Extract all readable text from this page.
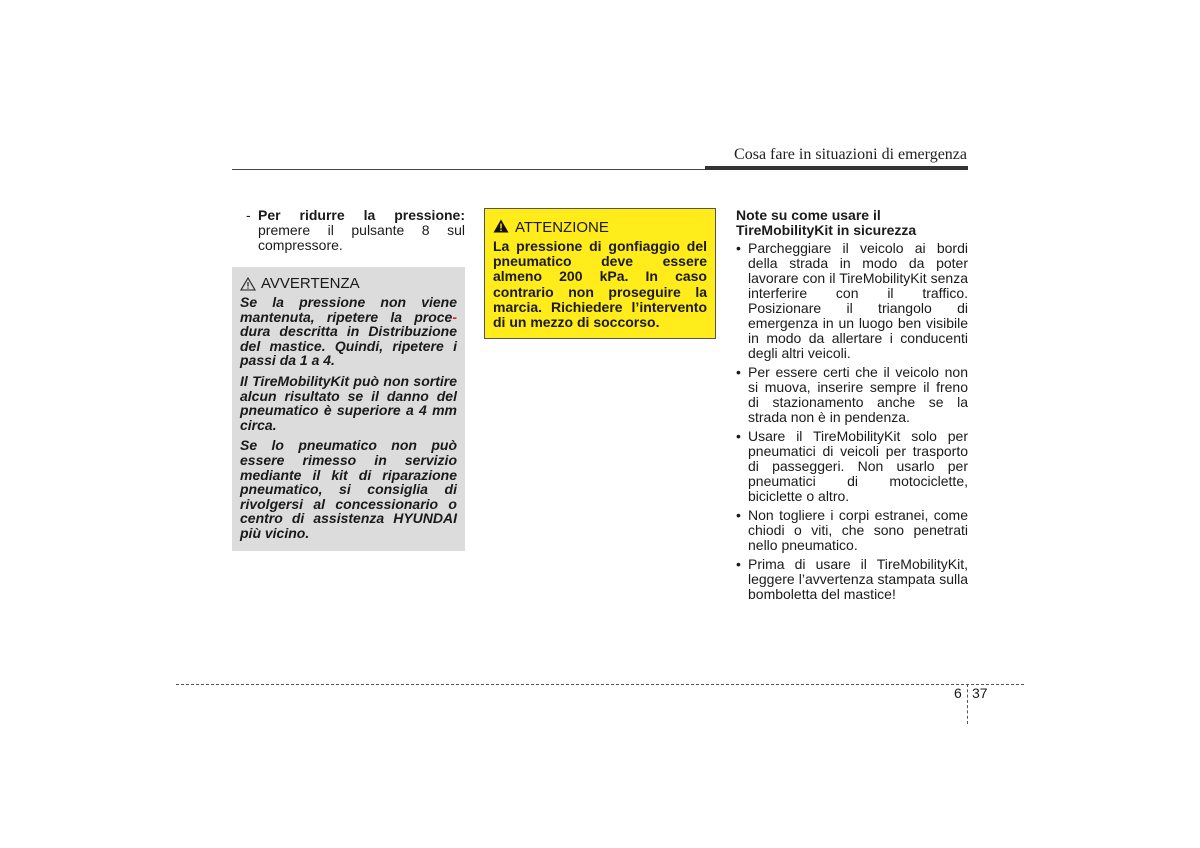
Cosa fare in situazioni di emergenza
- Per ridurre la pressione: premere il pulsante 8 sul compressore.
AVVERTENZA

Se la pressione non viene mantenuta, ripetere la proce-dura descritta in Distribuzione del mastice. Quindi, ripetere i passi da 1 a 4.

Il TireMobilityKit può non sortire alcun risultato se il danno del pneumatico è superiore a 4 mm circa.

Se lo pneumatico non può essere rimesso in servizio mediante il kit di riparazione pneumatico, si consiglia di rivolgersi al concessionario o centro di assistenza HYUNDAI più vicino.

ATTENZIONE
La pressione di gonfiaggio del pneumatico deve essere almeno 200 kPa. In caso contrario non proseguire la marcia. Richiedere l’intervento di un mezzo di soccorso.
Note su come usare il
TireMobilityKit in sicurezza
• Parcheggiare il veicolo ai bordi della strada in modo da poter lavorare con il TireMobilityKit senza interferire con il traffico. Posizionare il triangolo di emergenza in un luogo ben visibile in modo da allertare i conducenti degli altri veicoli.
• Per essere certi che il veicolo non si muova, inserire sempre il freno di stazionamento anche se la strada non è in pendenza.
• Usare il TireMobilityKit solo per pneumatici di veicoli per trasporto di passeggeri. Non usarlo per pneumatici di motociclette, biciclette o altro.
• Non togliere i corpi estranei, come chiodi o viti, che sono penetrati nello pneumatico.
• Prima di usare il TireMobilityKit, leggere l’avvertenza stampata sulla bomboletta del mastice!
6 37
